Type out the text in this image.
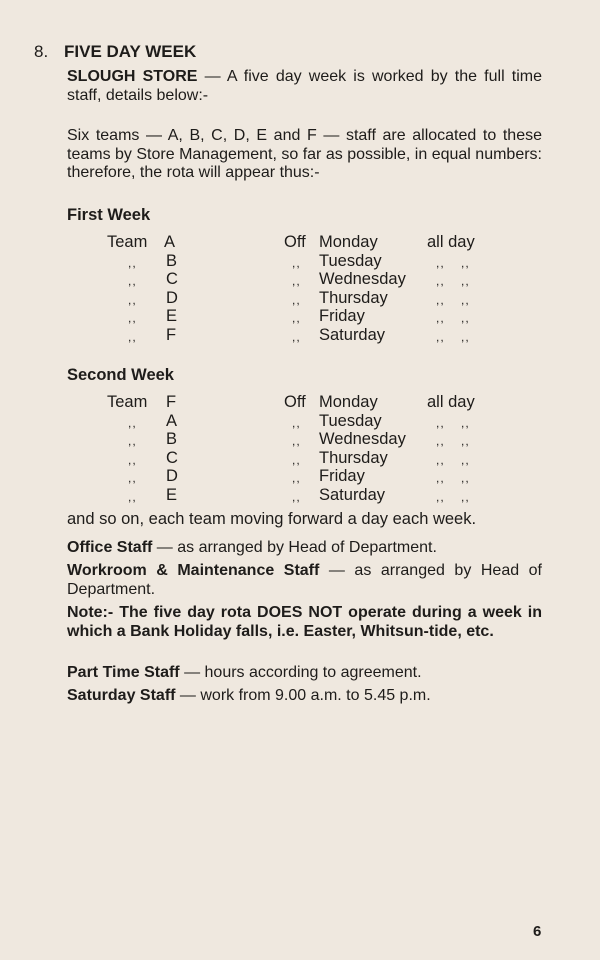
8. FIVE DAY WEEK
SLOUGH STORE — A five day week is worked by the full time staff, details below:-
Six teams — A, B, C, D, E and F — staff are allocated to these teams by Store Management, so far as possible, in equal numbers: therefore, the rota will appear thus:-
First Week
Team A	Off Monday	all day
,, B	,, Tuesday	,, ,,
,, C	,, Wednesday	,, ,,
,, D	,, Thursday	,, ,,
,, E	,, Friday	,, ,,
,, F	,, Saturday	,, ,,
Second Week
Team F	Off Monday	all day
,, A	,, Tuesday	,, ,,
,, B	,, Wednesday	,, ,,
,, C	,, Thursday	,, ,,
,, D	,, Friday	,, ,,
,, E	,, Saturday	,, ,,
and so on, each team moving forward a day each week.
Office Staff — as arranged by Head of Department.
Workroom & Maintenance Staff — as arranged by Head of Department.
Note:- The five day rota DOES NOT operate during a week in which a Bank Holiday falls, i.e. Easter, Whitsun-tide, etc.
Part Time Staff — hours according to agreement.
Saturday Staff — work from 9.00 a.m. to 5.45 p.m.
6
